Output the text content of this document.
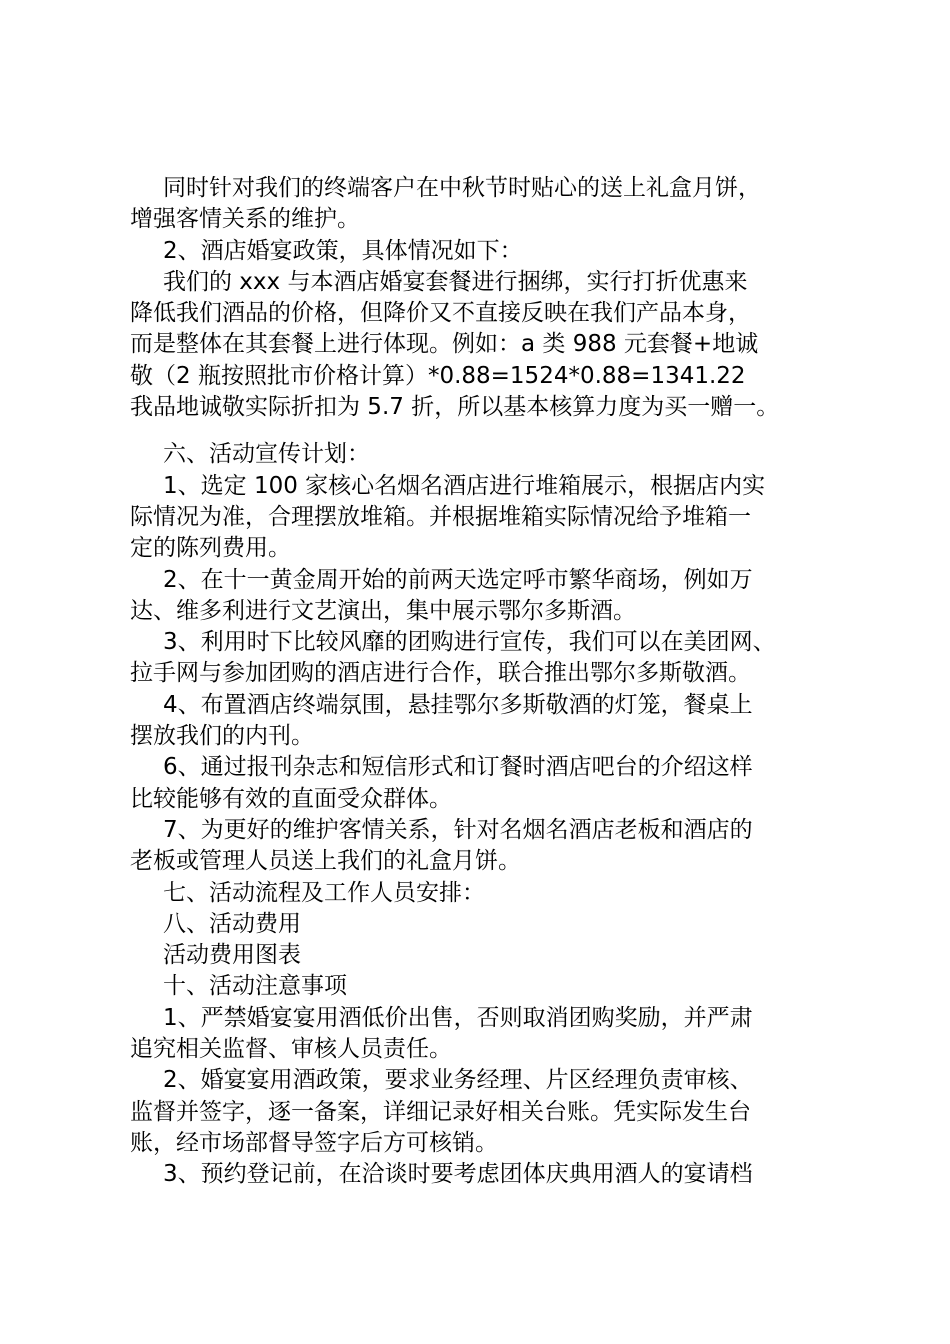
同时针对我们的终端客户在中秋节时贴心的送上礼盒月饼，
增强客情关系的维护。
2、酒店婚宴政策，具体情况如下：
我们的 xxx 与本酒店婚宴套餐进行捆绑，实行打折优惠来
降低我们酒品的价格，但降价又不直接反映在我们产品本身，
而是整体在其套餐上进行体现。例如：a 类 988 元套餐+地诚
敬（2 瓶按照批市价格计算）*0.88=1524*0.88=1341.22
我品地诚敬实际折扣为 5.7 折，所以基本核算力度为买一赠一。
六、活动宣传计划：
1、选定 100 家核心名烟名酒店进行堆箱展示，根据店内实
际情况为准，合理摆放堆箱。并根据堆箱实际情况给予堆箱一
定的陈列费用。
2、在十一黄金周开始的前两天选定呼市繁华商场，例如万
达、维多利进行文艺演出，集中展示鄂尔多斯酒。
3、利用时下比较风靡的团购进行宣传，我们可以在美团网、
拉手网与参加团购的酒店进行合作，联合推出鄂尔多斯敬酒。
4、布置酒店终端氛围，悬挂鄂尔多斯敬酒的灯笼，餐桌上
摆放我们的内刊。
6、通过报刊杂志和短信形式和订餐时酒店吧台的介绍这样
比较能够有效的直面受众群体。
7、为更好的维护客情关系，针对名烟名酒店老板和酒店的
老板或管理人员送上我们的礼盒月饼。
七、活动流程及工作人员安排：
八、活动费用
活动费用图表
十、活动注意事项
1、严禁婚宴宴用酒低价出售，否则取消团购奖励，并严肃
追究相关监督、审核人员责任。
2、婚宴宴用酒政策，要求业务经理、片区经理负责审核、
监督并签字，逐一备案，详细记录好相关台账。凭实际发生台
账，经市场部督导签字后方可核销。
3、预约登记前，在洽谈时要考虑团体庆典用酒人的宴请档
